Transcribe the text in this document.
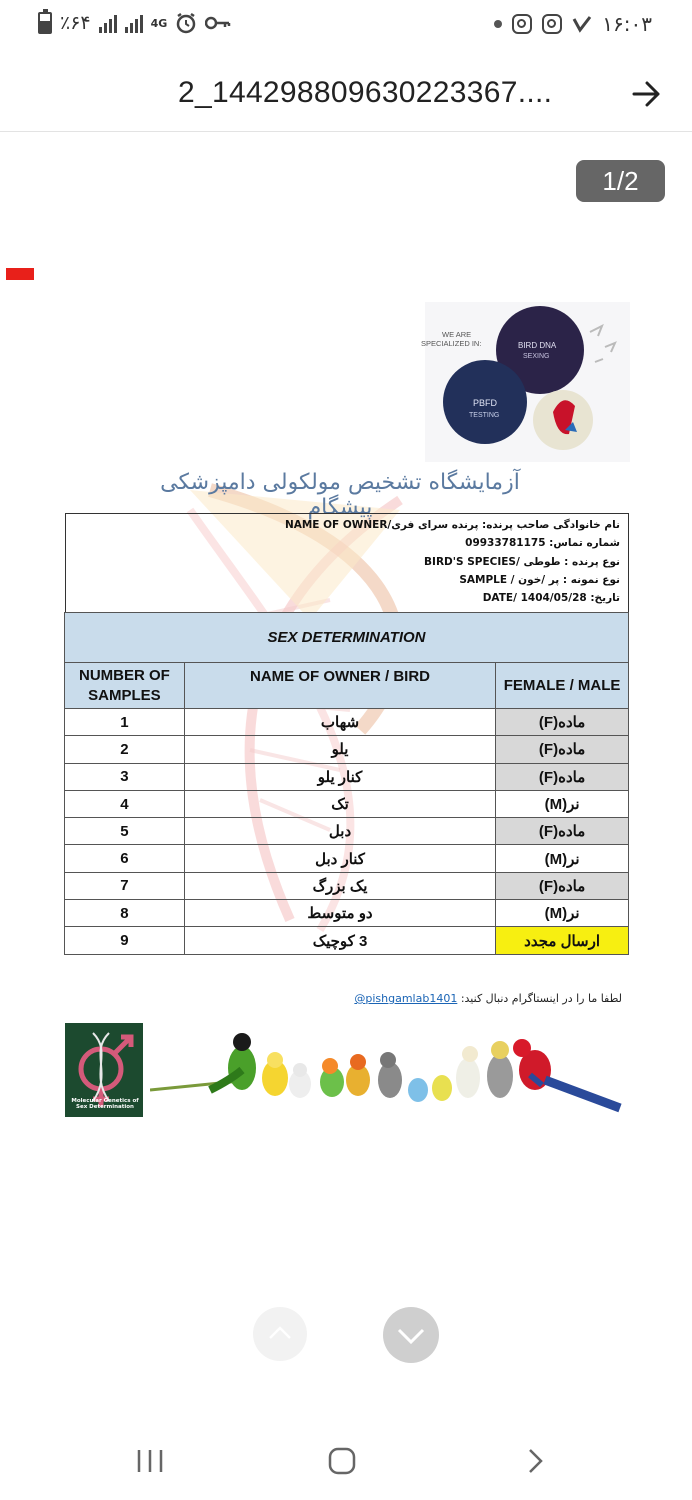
٪۶۴	4G	۱۶:۰۳
2_144298809630223367....
1/2
WE ARE
SPECIALIZED IN:	BIRD DNA
SEXING
PBFD
TESTING
آزمایشگاه تشخیص مولکولی دامپزشکی پیشگام
NAME OF OWNER/نام خانوادگی صاحب پرنده: پرنده سرای فری
شماره تماس: 09933781175
BIRD'S SPECIES/ نوع پرنده : طوطی
SAMPLE / نوع نمونه : پر /خون
DATE/ تاریخ: 1404/05/28
SEX DETERMINATION		
NUMBER OF SAMPLES	NAME OF OWNER / BIRD	FEMALE / MALE
1	شهاب	ماده(F)
2	یلو	ماده(F)
3	کنار یلو	ماده(F)
4	تک	نر(M)
5	دبل	ماده(F)
6	کنار دبل	نر(M)
7	یک بزرگ	ماده(F)
8	دو متوسط	نر(M)
9	3 کوچیک	ارسال مجدد
لطفا ما را در اینستاگرام دنبال کنید: @pishgamlab1401
Molecular Genetics of Sex Determination
